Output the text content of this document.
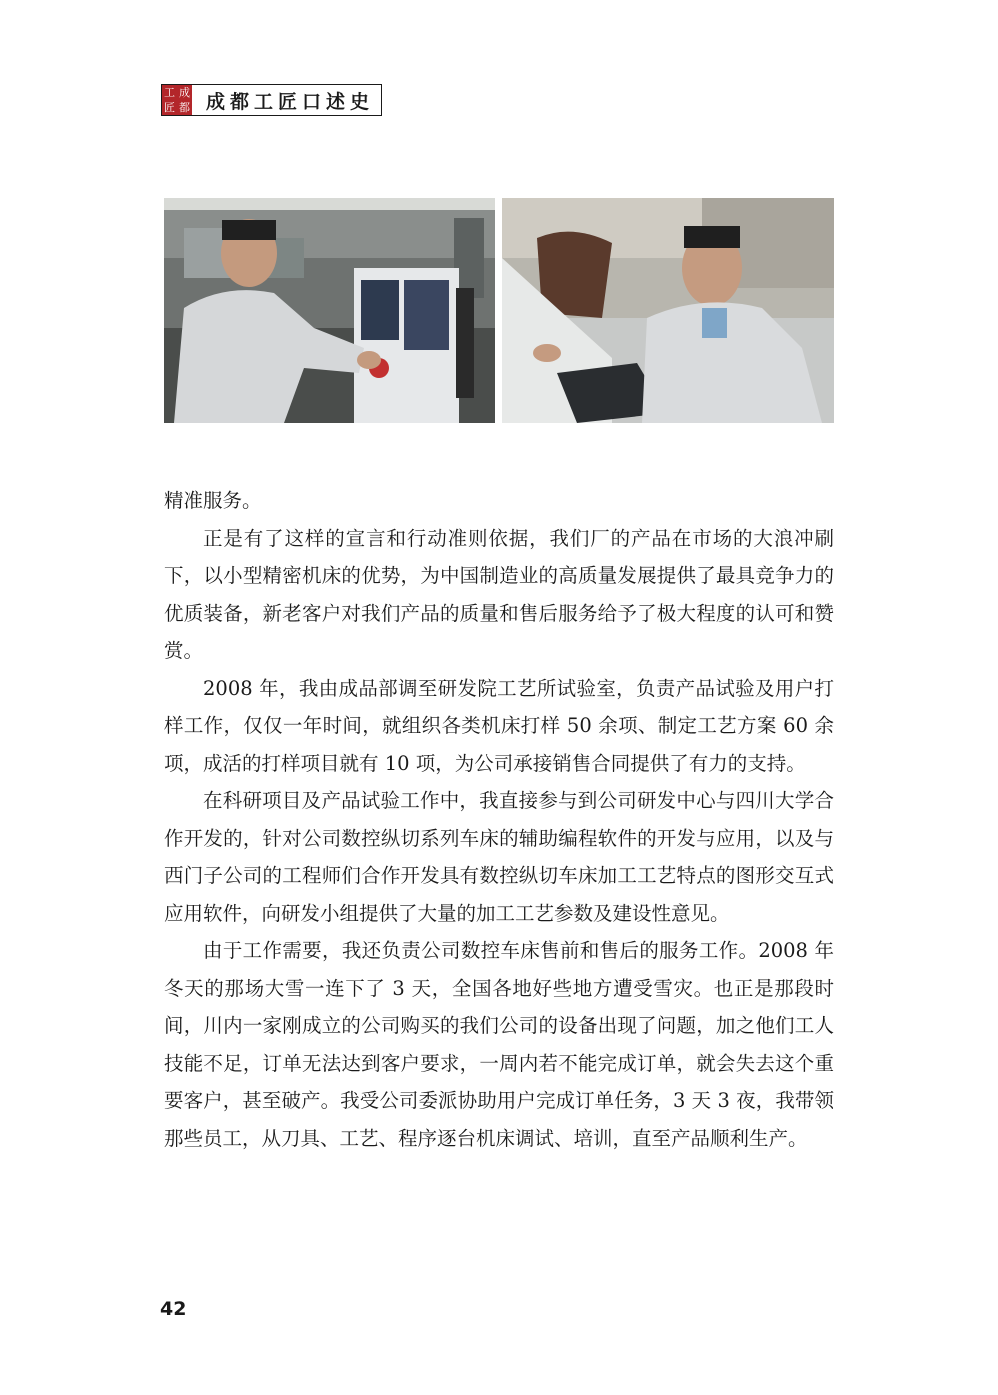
工 成
匠 都 成都工匠口述史

精准服务。

正是有了这样的宣言和行动准则依据，我们厂的产品在市场的大浪冲刷下，以小型精密机床的优势，为中国制造业的高质量发展提供了最具竞争力的优质装备，新老客户对我们产品的质量和售后服务给予了极大程度的认可和赞赏。

2008 年，我由成品部调至研发院工艺所试验室，负责产品试验及用户打样工作，仅仅一年时间，就组织各类机床打样 50 余项、制定工艺方案 60 余项，成活的打样项目就有 10 项，为公司承接销售合同提供了有力的支持。

在科研项目及产品试验工作中，我直接参与到公司研发中心与四川大学合作开发的，针对公司数控纵切系列车床的辅助编程软件的开发与应用，以及与西门子公司的工程师们合作开发具有数控纵切车床加工工艺特点的图形交互式应用软件，向研发小组提供了大量的加工工艺参数及建设性意见。

由于工作需要，我还负责公司数控车床售前和售后的服务工作。2008 年冬天的那场大雪一连下了 3 天，全国各地好些地方遭受雪灾。也正是那段时间，川内一家刚成立的公司购买的我们公司的设备出现了问题，加之他们工人技能不足，订单无法达到客户要求，一周内若不能完成订单，就会失去这个重要客户，甚至破产。我受公司委派协助用户完成订单任务，3 天 3 夜，我带领那些员工，从刀具、工艺、程序逐台机床调试、培训，直至产品顺利生产。

42
